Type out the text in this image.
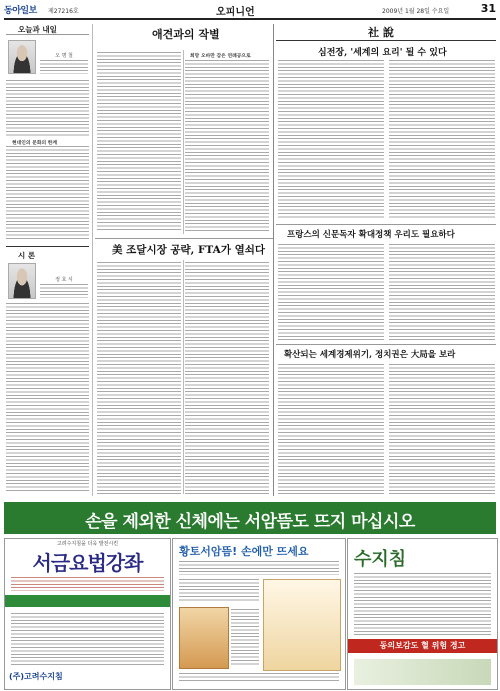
동아일보 제27216호	오피니언	2009년 1월 28일 수요일	31
오늘과 내일
오 명 철
현대인의 문화의 한계
시 론
정 호 식
애견과의 작별
희망 오바만 감은 연례공으로
美 조달시장 공략, FTA가 열쇠다
社 說
심전장, '세계의 요리' 될 수 있다
프랑스의 신문독자 확대정책 우리도 필요하다
확산되는 세계경제위기, 정치권은 大局을 보라
손을 제외한 신체에는 서암뜸도 뜨지 마십시오
고려수지침을 더욱 발전시킨
서금요법강좌
(주)고려수지침
황토서암뜸! 손에만 뜨세요	수지침
동의보감도 혈 위험 경고
